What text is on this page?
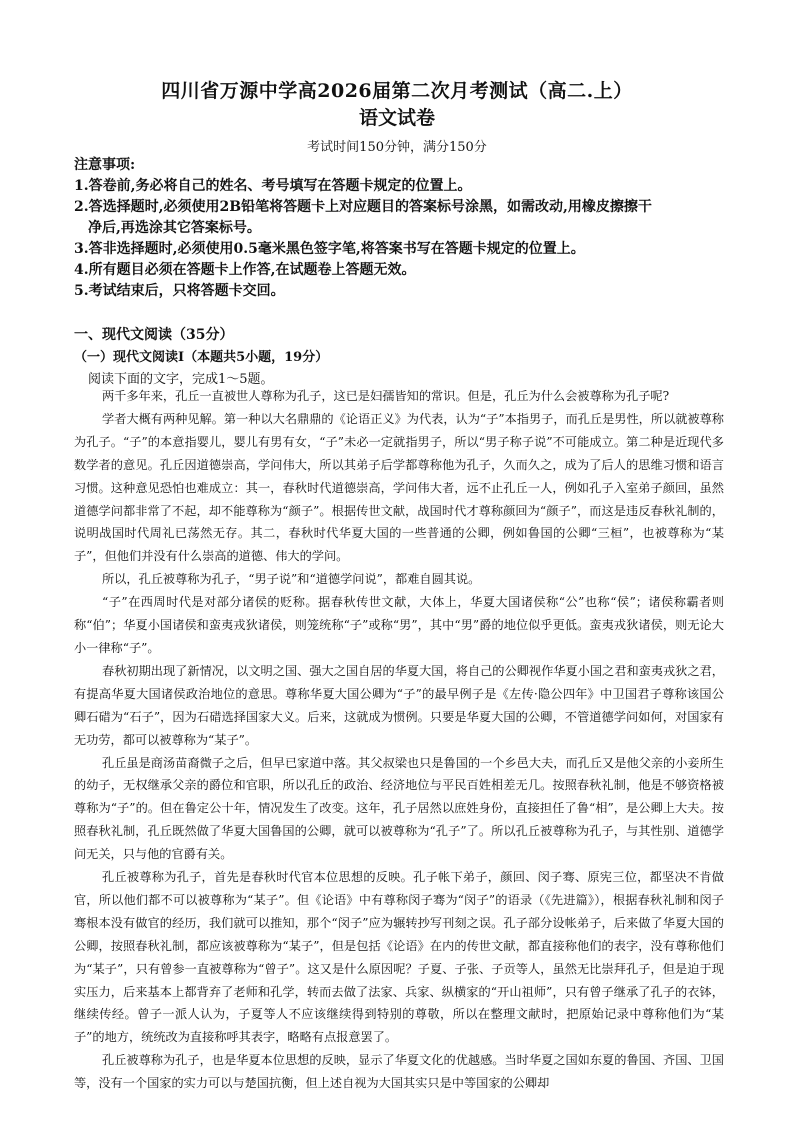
四川省万源中学高2026届第二次月考测试（高二.上）
语文试卷
考试时间150分钟，满分150分
注意事项:
1.答卷前,务必将自己的姓名、考号填写在答题卡规定的位置上。
2.答选择题时,必须使用2B铅笔将答题卡上对应题目的答案标号涂黑，如需改动,用橡皮擦擦干
净后,再选涂其它答案标号。
3.答非选择题时,必须使用0.5毫米黑色签字笔,将答案书写在答题卡规定的位置上。
4.所有题目必须在答题卡上作答,在试题卷上答题无效。
5.考试结束后，只将答题卡交回。
一、现代文阅读（35分）
（一）现代文阅读I（本题共5小题，19分）
阅读下面的文字，完成1～5题。

两千多年来，孔丘一直被世人尊称为孔子，这已是妇孺皆知的常识。但是，孔丘为什么会被尊称为孔子呢?

学者大概有两种见解。第一种以大名鼎鼎的《论语正义》为代表，认为“子”本指男子，而孔丘是男性，所以就被尊称为孔子。“子”的本意指婴儿，婴儿有男有女，“子”未必一定就指男子，所以“男子称子说”不可能成立。第二种是近现代多数学者的意见。孔丘因道德崇高，学问伟大，所以其弟子后学都尊称他为孔子，久而久之，成为了后人的思维习惯和语言习惯。这种意见恐怕也难成立：其一，春秋时代道德崇高，学问伟大者，远不止孔丘一人，例如孔子入室弟子颜回，虽然道德学问都非常了不起，却不能尊称为“颜子”。根据传世文献，战国时代才尊称颜回为“颜子”，而这是违反春秋礼制的，说明战国时代周礼已荡然无存。其二，春秋时代华夏大国的一些普通的公卿，例如鲁国的公卿“三桓”，也被尊称为“某子”，但他们并没有什么崇高的道德、伟大的学问。

所以，孔丘被尊称为孔子，“男子说”和“道德学问说”，都难自圆其说。

“子”在西周时代是对部分诸侯的贬称。据春秋传世文献，大体上，华夏大国诸侯称“公”也称“侯”；诸侯称霸者则称“伯”；华夏小国诸侯和蛮夷戎狄诸侯，则笼统称“子”或称“男”，其中“男”爵的地位似乎更低。蛮夷戎狄诸侯，则无论大小一律称“子”。

春秋初期出现了新情况，以文明之国、强大之国自居的华夏大国，将自己的公卿视作华夏小国之君和蛮夷戎狄之君，有提高华夏大国诸侯政治地位的意思。尊称华夏大国公卿为“子”的最早例子是《左传·隐公四年》中卫国君子尊称该国公卿石碏为“石子”，因为石碏选择国家大义。后来，这就成为惯例。只要是华夏大国的公卿，不管道德学问如何，对国家有无功劳，都可以被尊称为“某子”。

孔丘虽是商汤苗裔微子之后，但早已家道中落。其父叔梁也只是鲁国的一个乡邑大夫，而孔丘又是他父亲的小妾所生的幼子，无权继承父亲的爵位和官职，所以孔丘的政治、经济地位与平民百姓相差无几。按照春秋礼制，他是不够资格被尊称为“子”的。但在鲁定公十年，情况发生了改变。这年，孔子居然以庶姓身份，直接担任了鲁“相”，是公卿上大夫。按照春秋礼制，孔丘既然做了华夏大国鲁国的公卿，就可以被尊称为“孔子”了。所以孔丘被尊称为孔子，与其性别、道德学问无关，只与他的官爵有关。

孔丘被尊称为孔子，首先是春秋时代官本位思想的反映。孔子帐下弟子，颜回、闵子骞、原宪三位，都坚决不肯做官，所以他们都不可以被尊称为“某子”。但《论语》中有尊称闵子骞为“闵子”的语录（《先进篇》），根据春秋礼制和闵子骞根本没有做官的经历，我们就可以推知，那个“闵子”应为辗转抄写刊刻之误。孔子部分设帐弟子，后来做了华夏大国的公卿，按照春秋礼制，都应该被尊称为“某子”，但是包括《论语》在内的传世文献，都直接称他们的表字，没有尊称他们为“某子”，只有曾参一直被尊称为“曾子”。这又是什么原因呢？子夏、子张、子贡等人，虽然无比崇拜孔子，但是迫于现实压力，后来基本上都背弃了老师和孔学，转而去做了法家、兵家、纵横家的“开山祖师”，只有曾子继承了孔子的衣钵，继续传经。曾子一派人认为，子夏等人不应该继续得到特别的尊敬，所以在整理文献时，把原始记录中尊称他们为“某子”的地方，统统改为直接称呼其表字，略略有点报意罢了。

孔丘被尊称为孔子，也是华夏本位思想的反映，显示了华夏文化的优越感。当时华夏之国如东夏的鲁国、齐国、卫国等，没有一个国家的实力可以与楚国抗衡，但上述自视为大国其实只是中等国家的公卿却
